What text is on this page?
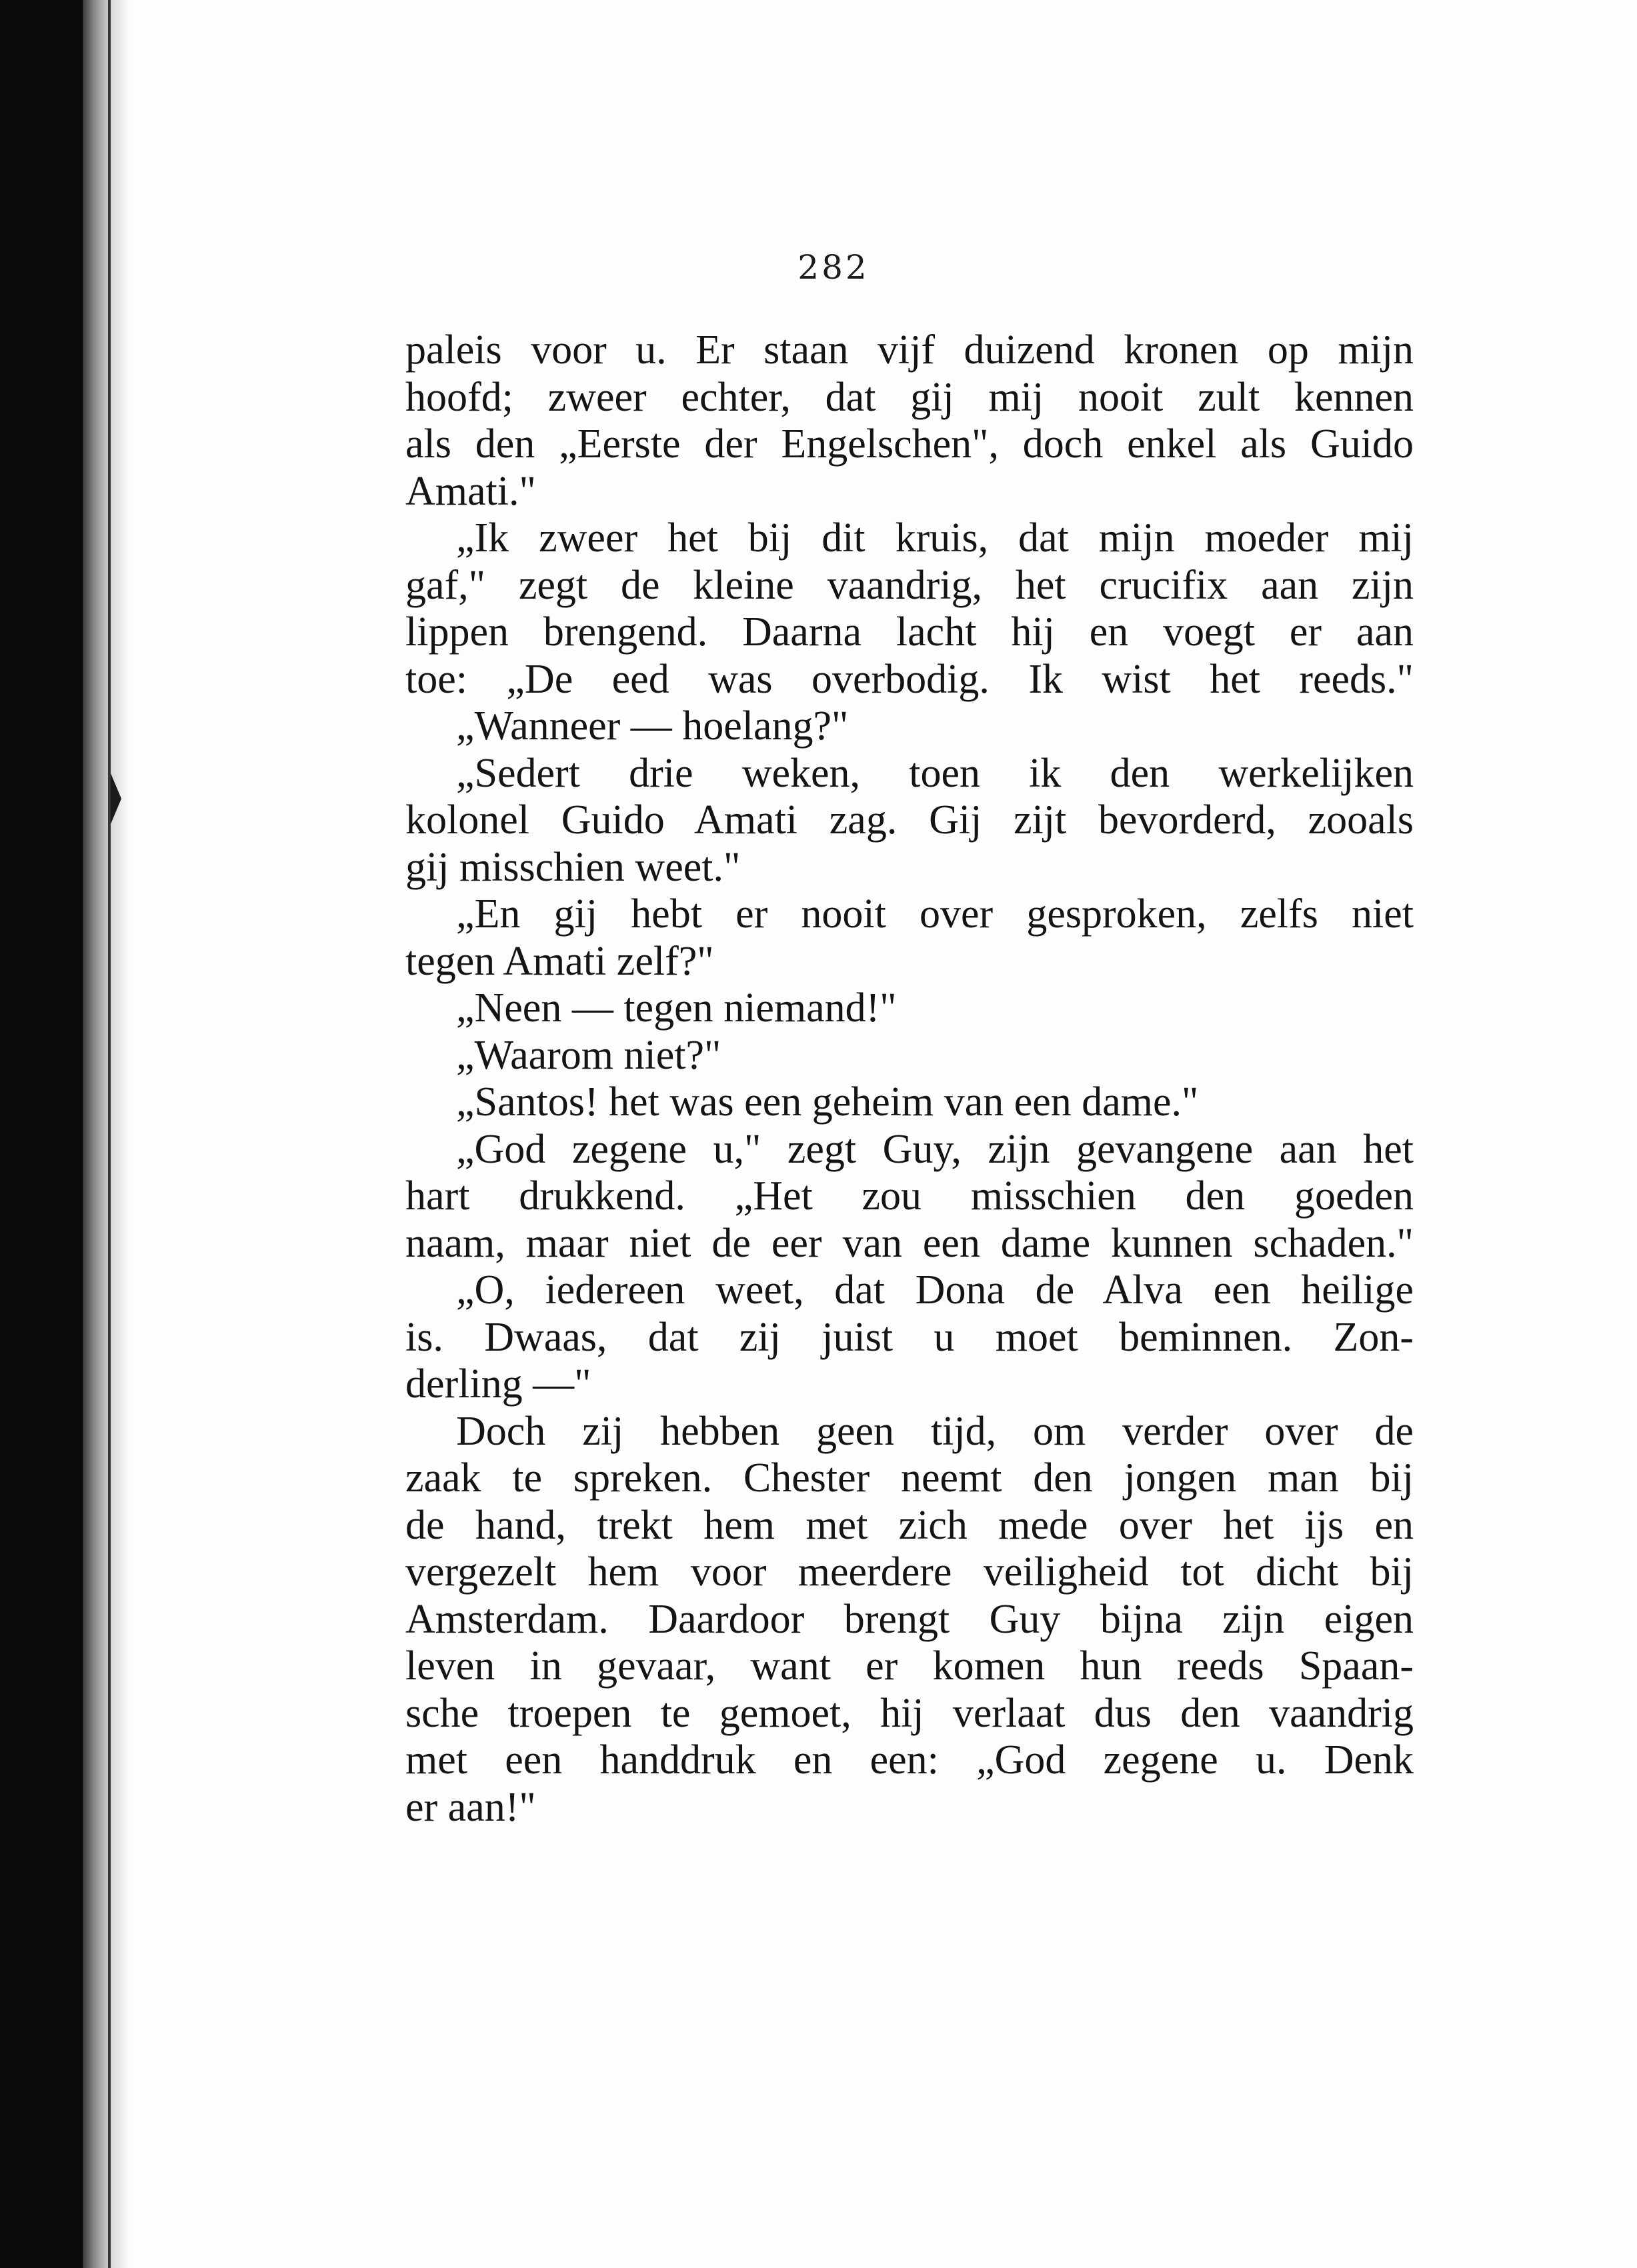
282
paleis voor u. Er staan vijf duizend kronen op mijn
hoofd; zweer echter, dat gij mij nooit zult kennen
als den „Eerste der Engelschen", doch enkel als Guido
Amati."
„Ik zweer het bij dit kruis, dat mijn moeder mij
gaf," zegt de kleine vaandrig, het crucifix aan zijn
lippen brengend. Daarna lacht hij en voegt er aan
toe: „De eed was overbodig. Ik wist het reeds."
„Wanneer — hoelang?"
„Sedert drie weken, toen ik den werkelijken
kolonel Guido Amati zag. Gij zijt bevorderd, zooals
gij misschien weet."
„En gij hebt er nooit over gesproken, zelfs niet
tegen Amati zelf?"
„Neen — tegen niemand!"
„Waarom niet?"
„Santos! het was een geheim van een dame."
„God zegene u," zegt Guy, zijn gevangene aan het
hart drukkend. „Het zou misschien den goeden
naam, maar niet de eer van een dame kunnen schaden."
„O, iedereen weet, dat Dona de Alva een heilige
is. Dwaas, dat zij juist u moet beminnen. Zon-
derling —"
Doch zij hebben geen tijd, om verder over de
zaak te spreken. Chester neemt den jongen man bij
de hand, trekt hem met zich mede over het ijs en
vergezelt hem voor meerdere veiligheid tot dicht bij
Amsterdam. Daardoor brengt Guy bijna zijn eigen
leven in gevaar, want er komen hun reeds Spaan-
sche troepen te gemoet, hij verlaat dus den vaandrig
met een handdruk en een: „God zegene u. Denk
er aan!"
